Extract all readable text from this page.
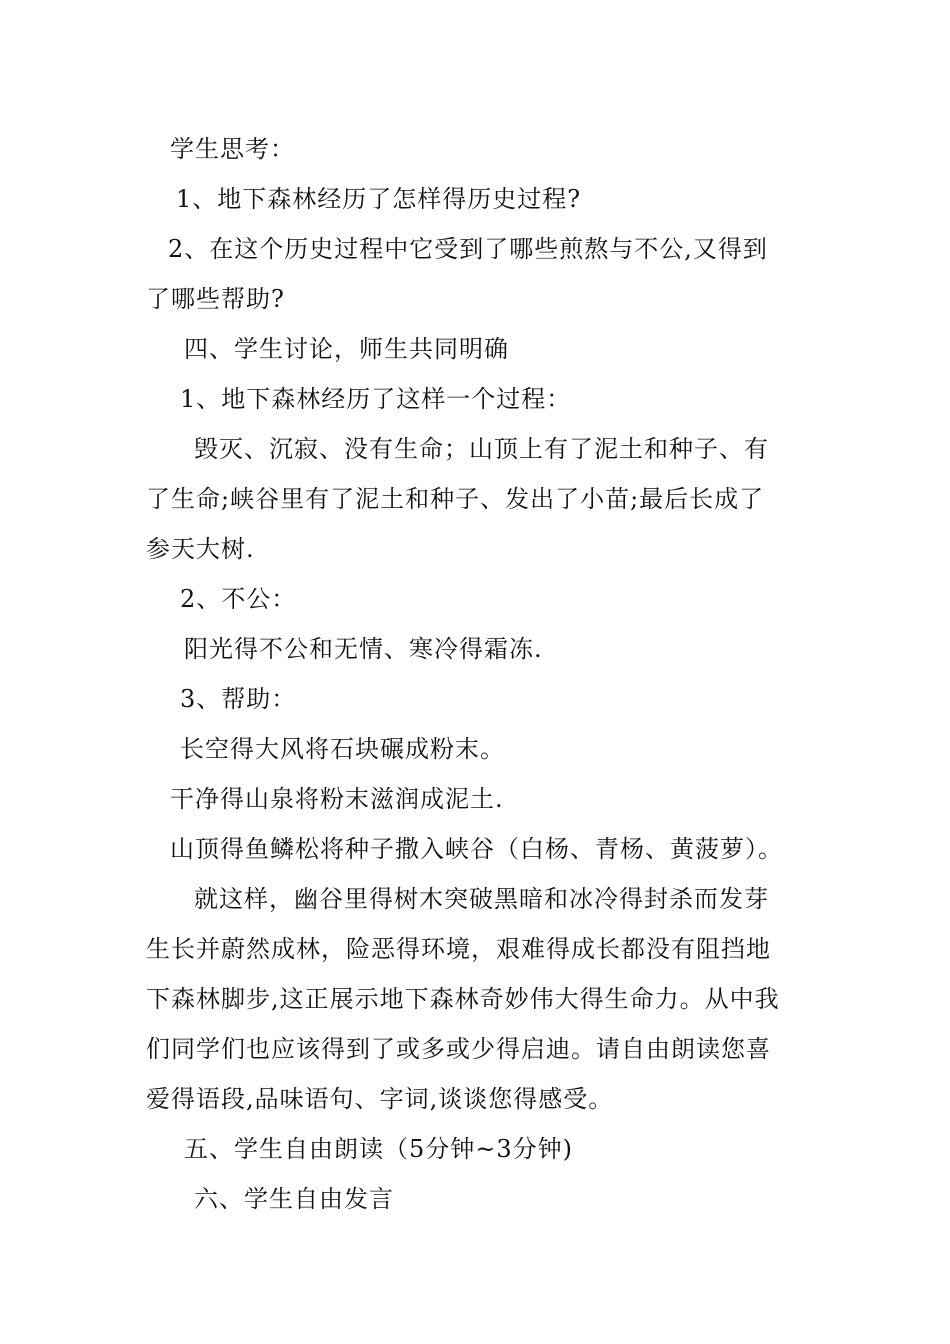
学生思考：

1、地下森林经历了怎样得历史过程?

2、在这个历史过程中它受到了哪些煎熬与不公,又得到

了哪些帮助?

四、学生讨论，师生共同明确

1、地下森林经历了这样一个过程：

毁灭、沉寂、没有生命；山顶上有了泥土和种子、有

了生命;峡谷里有了泥土和种子、发出了小苗;最后长成了

参天大树.

2、不公：

阳光得不公和无情、寒冷得霜冻.

3、帮助：

长空得大风将石块碾成粉末。

干净得山泉将粉末滋润成泥土.

山顶得鱼鳞松将种子撒入峡谷（白杨、青杨、黄菠萝）。

就这样，幽谷里得树木突破黑暗和冰冷得封杀而发芽

生长并蔚然成林，险恶得环境，艰难得成长都没有阻挡地

下森林脚步,这正展示地下森林奇妙伟大得生命力。从中我

们同学们也应该得到了或多或少得启迪。请自由朗读您喜

爱得语段,品味语句、字词,谈谈您得感受。

五、学生自由朗读（5分钟~3分钟)

六、学生自由发言
